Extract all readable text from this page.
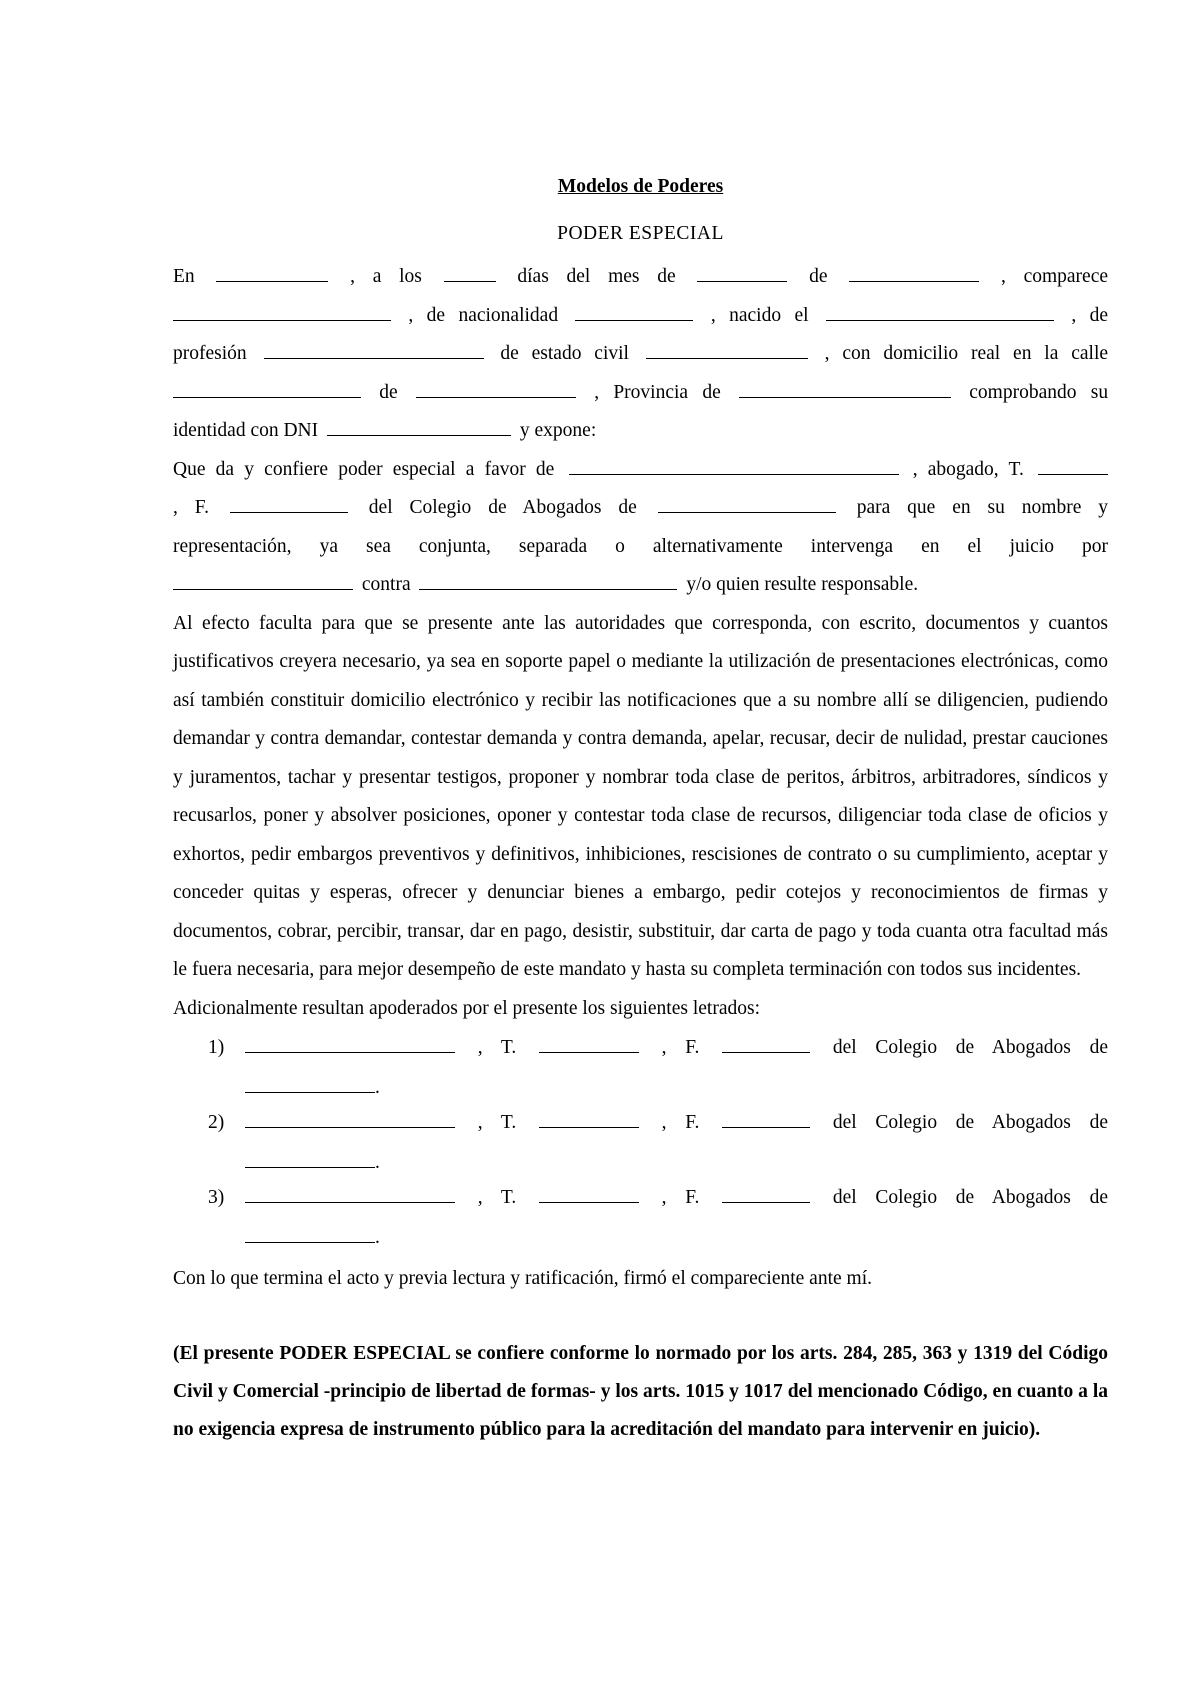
Modelos de Poderes
PODER ESPECIAL
En	, a los	días del mes de	de	, comparece
, de nacionalidad	, nacido el	, de
profesión	de estado civil	, con domicilio real en la calle
de	, Provincia de	comprobando su
identidad con DNI	y expone:
Que da y confiere poder especial a favor de	, abogado, T.
, F.	del Colegio de Abogados de	para que en su nombre y
representación, ya sea conjunta, separada o alternativamente intervenga en el juicio por
contra	y/o quien resulte responsable.
Al efecto faculta para que se presente ante las autoridades que corresponda, con escrito, documentos y cuantos justificativos creyera necesario, ya sea en soporte papel o mediante la utilización de presentaciones electrónicas, como así también constituir domicilio electrónico y recibir las notificaciones que a su nombre allí se diligencien, pudiendo demandar y contra demandar, contestar demanda y contra demanda, apelar, recusar, decir de nulidad, prestar cauciones y juramentos, tachar y presentar testigos, proponer y nombrar toda clase de peritos, árbitros, arbitradores, síndicos y recusarlos, poner y absolver posiciones, oponer y contestar toda clase de recursos, diligenciar toda clase de oficios y exhortos, pedir embargos preventivos y definitivos, inhibiciones, rescisiones de contrato o su cumplimiento, aceptar y conceder quitas y esperas, ofrecer y denunciar bienes a embargo, pedir cotejos y reconocimientos de firmas y documentos, cobrar, percibir, transar, dar en pago, desistir, substituir, dar carta de pago y toda cuanta otra facultad más le fuera necesaria, para mejor desempeño de este mandato y hasta su completa terminación con todos sus incidentes.
Adicionalmente resultan apoderados por el presente los siguientes letrados:
1)	, T.	, F.	del Colegio de Abogados de
.
2)	, T.	, F.	del Colegio de Abogados de
.
3)	, T.	, F.	del Colegio de Abogados de
.
Con lo que termina el acto y previa lectura y ratificación, firmó el compareciente ante mí.
(El presente PODER ESPECIAL se confiere conforme lo normado por los arts. 284, 285, 363 y 1319 del Código Civil y Comercial -principio de libertad de formas- y los arts. 1015 y 1017 del mencionado Código, en cuanto a la no exigencia expresa de instrumento público para la acreditación del mandato para intervenir en juicio).
